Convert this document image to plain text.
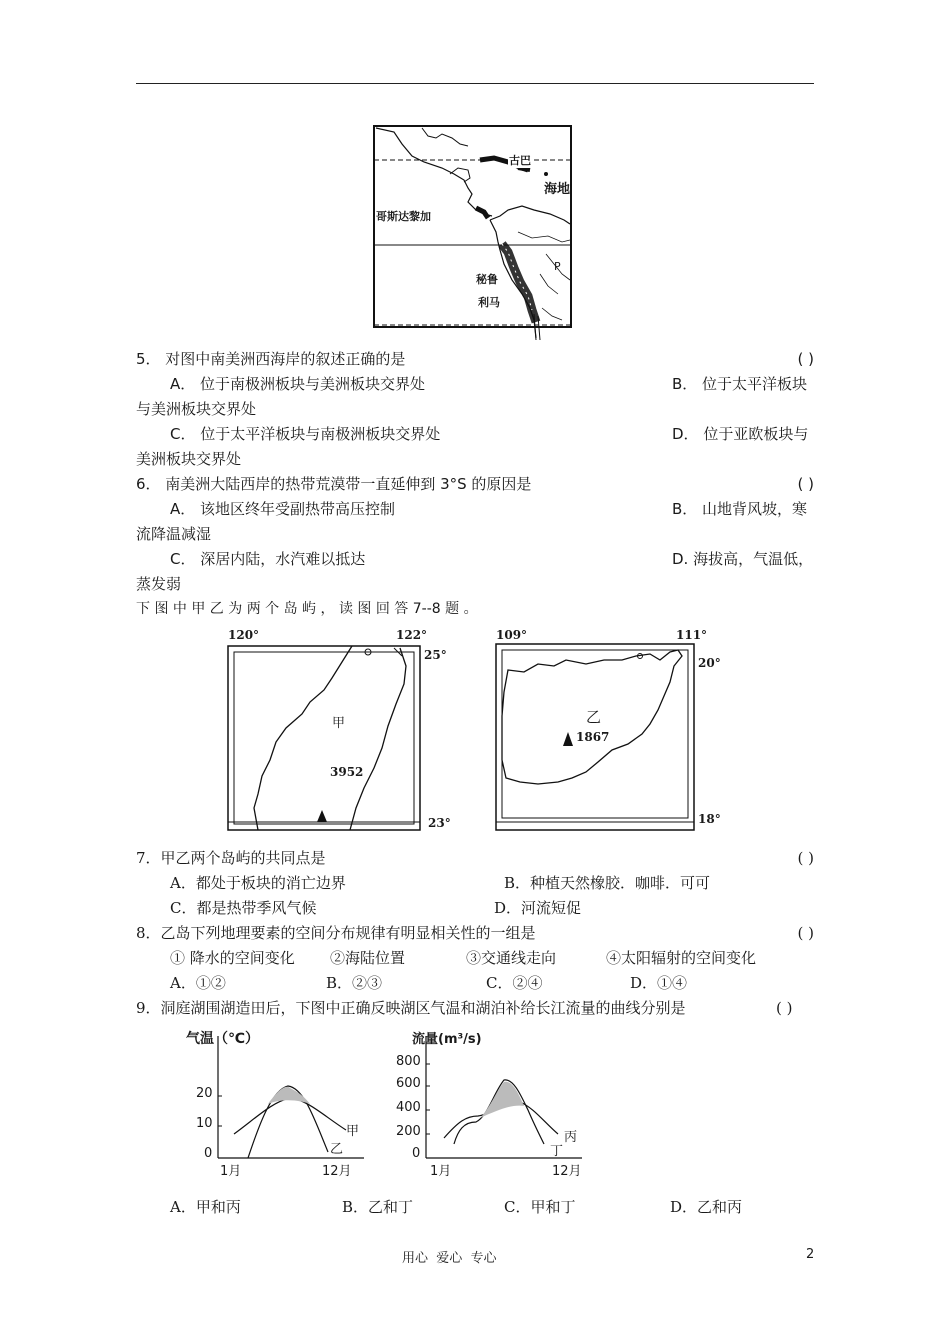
古巴
海地
哥斯达黎加
秘鲁
利马
P
5． 对图中南美洲西海岸的叙述正确的是	( )
A． 位于南极洲板块与美洲板块交界处	B． 位于太平洋板块
与美洲板块交界处
C． 位于太平洋板块与南极洲板块交界处	D． 位于亚欧板块与
美洲板块交界处
6． 南美洲大陆西岸的热带荒漠带一直延伸到 3°S 的原因是	( )
A． 该地区终年受副热带高压控制	B． 山地背风坡，寒
流降温减湿
C． 深居内陆，水汽难以抵达	D. 海拔高，气温低，
蒸发弱
下 图 中 甲 乙 为 两 个 岛 屿 ， 读 图 回 答 7--8 题 。
120°	122°
25°
23°
甲
3952
109°	111°
20°
18°
乙
1867
7．甲乙两个岛屿的共同点是	( )
A．都处于板块的消亡边界	B．种植天然橡胶．咖啡．可可
C．都是热带季风气候	D．河流短促
8．乙岛下列地理要素的空间分布规律有明显相关性的一组是	( )
① 降水的空间变化 ②海陆位置	③交通线走向	④太阳辐射的空间变化
A．①②	B．②③	C．②④	D．①④
9．洞庭湖围湖造田后，下图中正确反映湖区气温和湖泊补给长江流量的曲线分别是	( )
气温（℃）
20
10
0
1月	12月
甲
乙
流量(m³/s)
800
600
400
200
0
1月	12月
丙
丁
A．甲和丙	B．乙和丁	C．甲和丁	D．乙和丙
用心  爱心  专心	2
